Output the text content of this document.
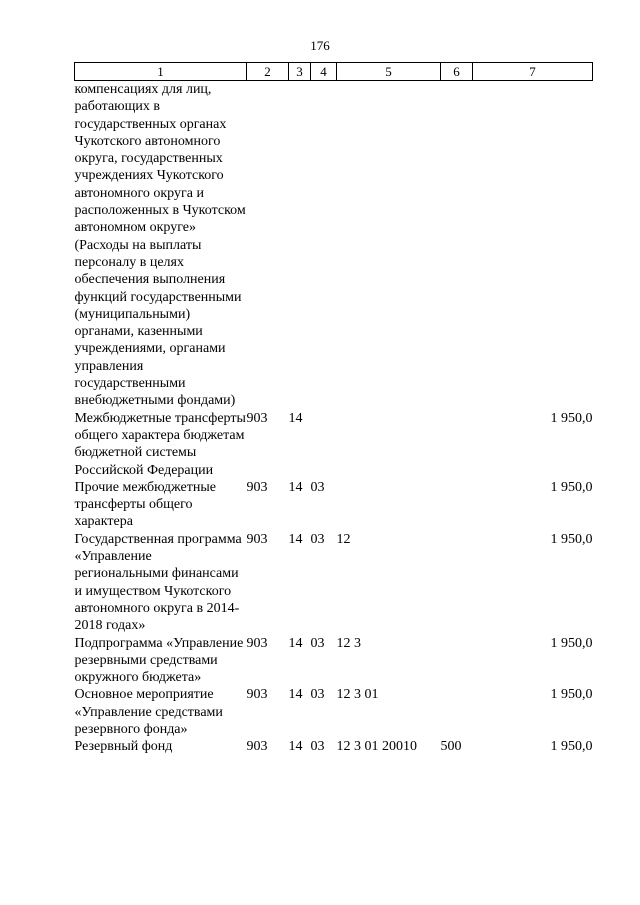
176
1	2	3	4	5	6	7
компенсациях для лиц, работающих в государственных органах Чукотского автономного округа, государственных учреждениях Чукотского автономного округа и расположенных в Чукотском автономном округе» (Расходы на выплаты персоналу в целях обеспечения выполнения функций государственными (муниципальными) органами, казенными учреждениями, органами управления государственными внебюджетными фондами)						
Межбюджетные трансферты общего характера бюджетам бюджетной системы Российской Федерации	903	14				1 950,0
Прочие межбюджетные трансферты общего характера	903	14	03			1 950,0
Государственная программа «Управление региональными финансами и имуществом Чукотского автономного округа в 2014-2018 годах»	903	14	03	12		1 950,0
Подпрограмма «Управление резервными средствами окружного бюджета»	903	14	03	12 3		1 950,0
Основное мероприятие «Управление средствами резервного фонда»	903	14	03	12 3 01		1 950,0
Резервный фонд	903	14	03	12 3 01 20010	500	1 950,0
